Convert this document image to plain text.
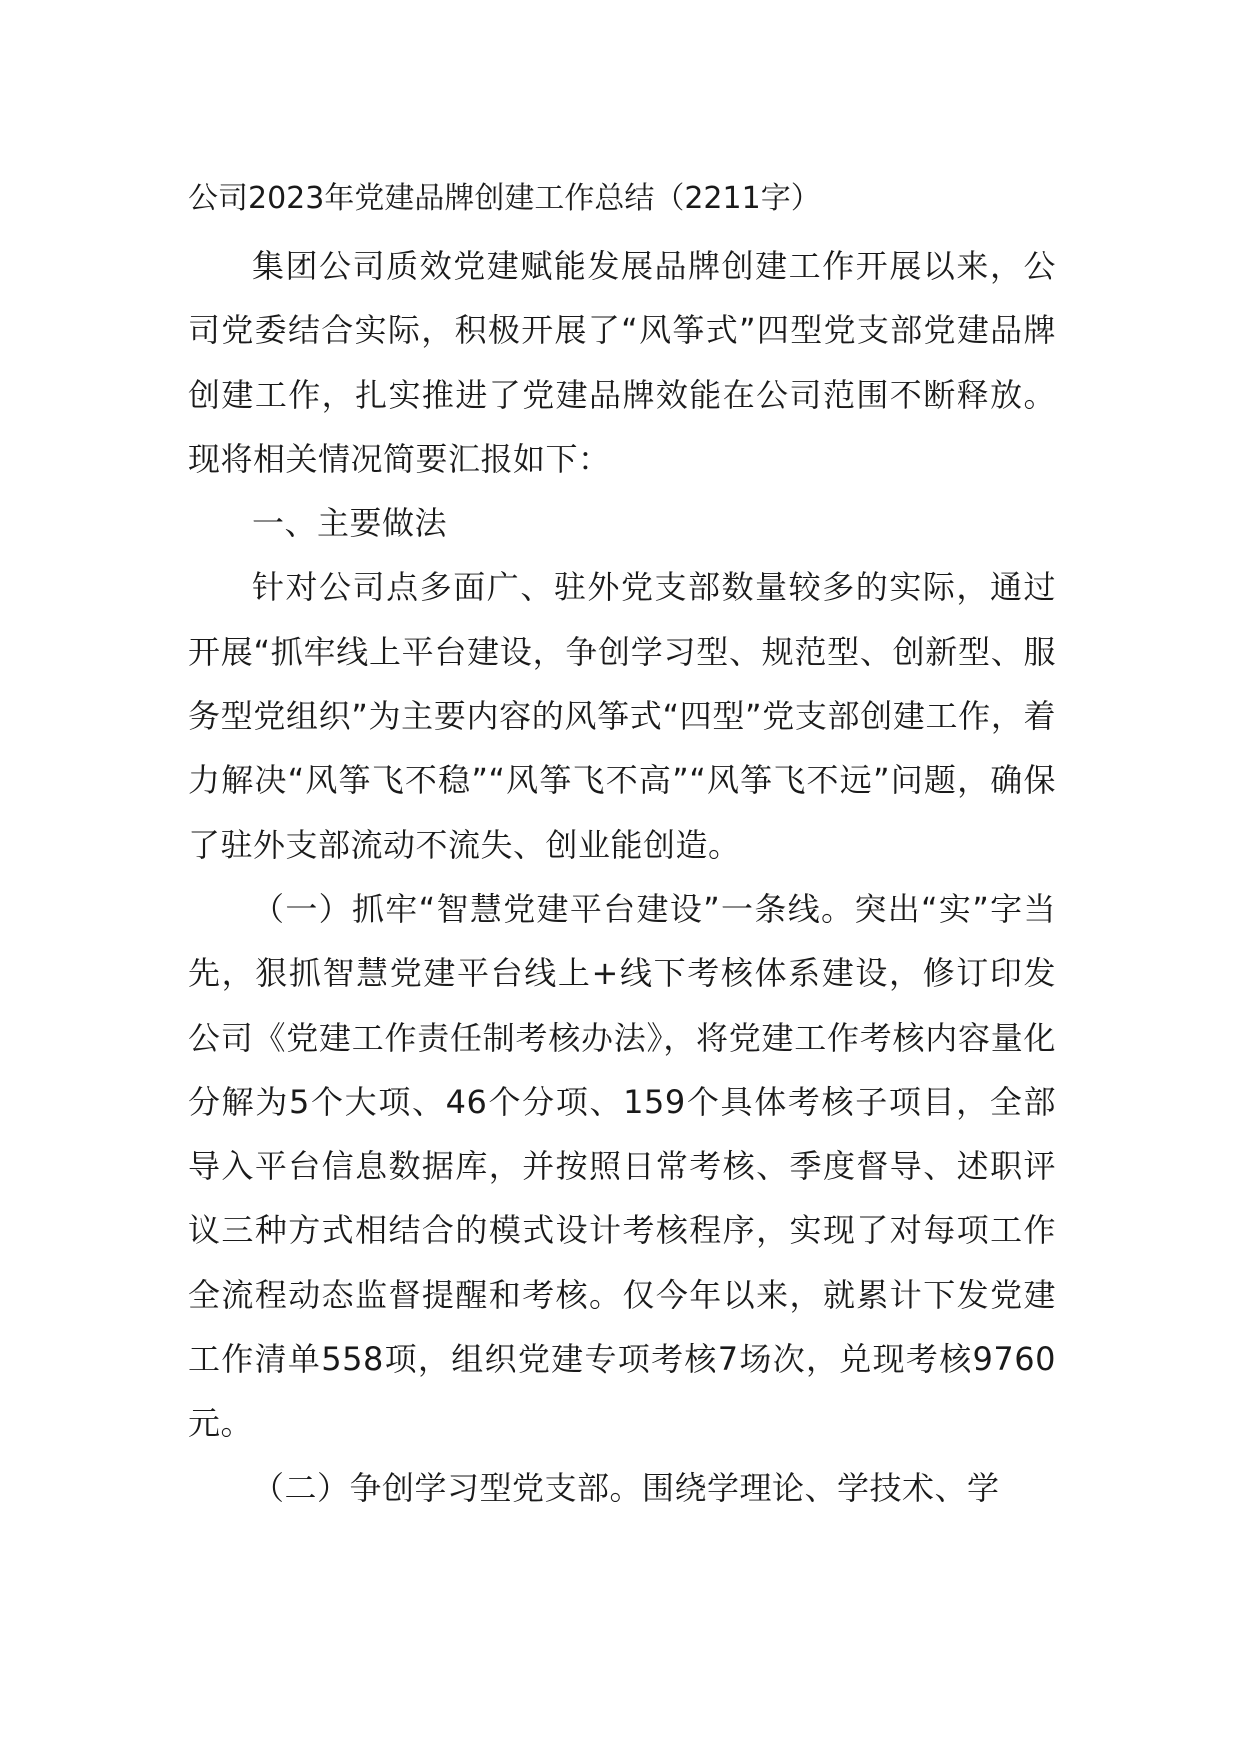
公司2023年党建品牌创建工作总结（2211字）

集团公司质效党建赋能发展品牌创建工作开展以来，公司党委结合实际，积极开展了“风筝式”四型党支部党建品牌创建工作，扎实推进了党建品牌效能在公司范围不断释放。现将相关情况简要汇报如下：

一、主要做法

针对公司点多面广、驻外党支部数量较多的实际，通过开展“抓牢线上平台建设，争创学习型、规范型、创新型、服务型党组织”为主要内容的风筝式“四型”党支部创建工作，着力解决“风筝飞不稳”“风筝飞不高”“风筝飞不远”问题，确保了驻外支部流动不流失、创业能创造。

（一）抓牢“智慧党建平台建设”一条线。突出“实”字当先，狠抓智慧党建平台线上+线下考核体系建设，修订印发公司《党建工作责任制考核办法》，将党建工作考核内容量化分解为5个大项、46个分项、159个具体考核子项目，全部导入平台信息数据库，并按照日常考核、季度督导、述职评议三种方式相结合的模式设计考核程序，实现了对每项工作全流程动态监督提醒和考核。仅今年以来，就累计下发党建工作清单558项，组织党建专项考核7场次，兑现考核9760元。

（二）争创学习型党支部。围绕学理论、学技术、学
